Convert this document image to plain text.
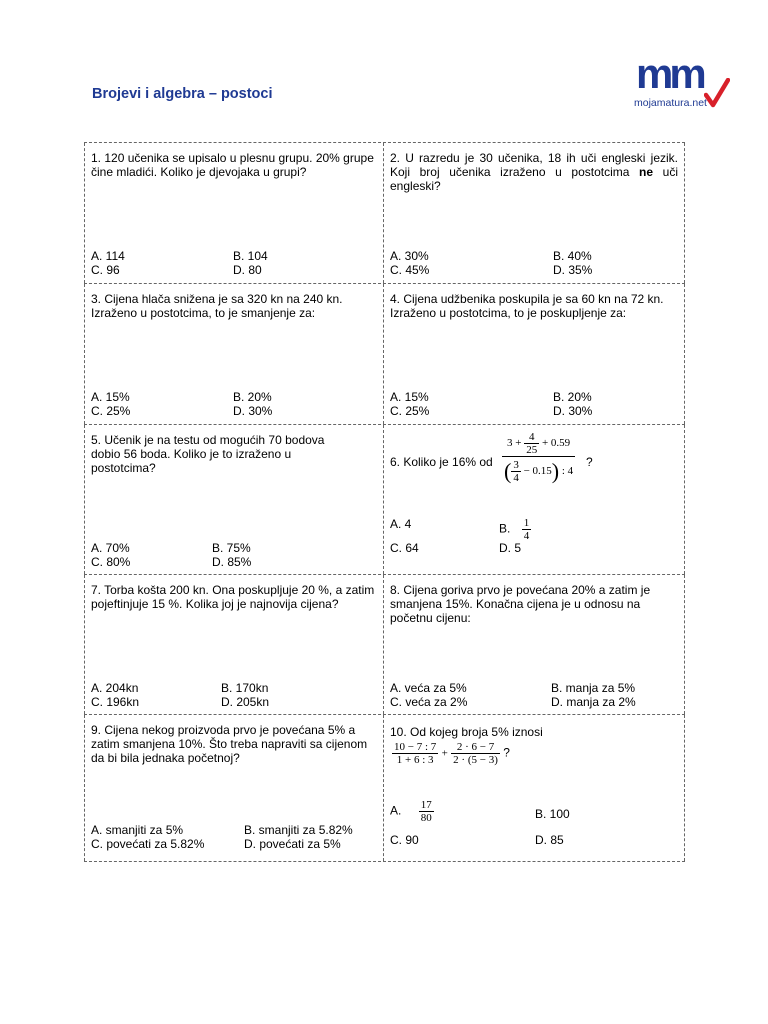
Brojevi i algebra – postoci	mm
mojamatura.net
1. 120 učenika se upisalo u plesnu grupu. 20% grupe čine mladići. Koliko je djevojaka u grupi?
A. 114	B. 104
C. 96	D. 80
2. U razredu je 30 učenika, 18 ih uči engleski jezik. Koji broj učenika izraženo u postotcima ne uči engleski?
A. 30%	B. 40%
C. 45%	D. 35%
3. Cijena hlača snižena je sa 320 kn na 240 kn. Izraženo u postotcima, to je smanjenje za:
A. 15%	B. 20%
C. 25%	D. 30%
4. Cijena udžbenika poskupila je sa 60 kn na 72 kn. Izraženo u postotcima, to je poskupljenje za:
A. 15%	B. 20%
C. 25%	D. 30%
5. Učenik je na testu od mogućih 70 bodova dobio 56 boda. Koliko je to izraženo u postotcima?
A. 70%	B. 75%
C. 80%	D. 85%
6. Koliko je 16% od $\frac{3 + \frac{4}{25} + 0.59}{( \frac{3}{4} - 0.15) : 4}$ ?
A. 4	B. $\frac{1}{4}$
C. 64	D. 5
7. Torba košta 200 kn. Ona poskupljuje 20 %, a zatim pojeftinjuje 15 %. Kolika joj je najnovija cijena?
A. 204kn	B. 170kn
C. 196kn	D. 205kn
8. Cijena goriva prvo je povećana 20% a zatim je smanjena 15%. Konačna cijena je u odnosu na početnu cijenu:
A. veća za 5%	B. manja za 5%
C. veća za 2%	D. manja za 2%
9. Cijena nekog proizvoda prvo je povećana 5% a zatim smanjena 10%. Što treba napraviti sa cijenom da bi bila jednaka početnoj?
A. smanjiti za 5%	B. smanjiti za 5.82%
C. povećati za 5.82%	D. povećati za 5%
10. Od kojeg broja 5% iznosi
$\frac{10 - 7 : 7}{1 + 6 : 3} + \frac{2 \cdot 6 - 7}{2 \cdot (5 - 3)}$ ?
A. $\frac{17}{80}$	B. 100
C. 90	D. 85
